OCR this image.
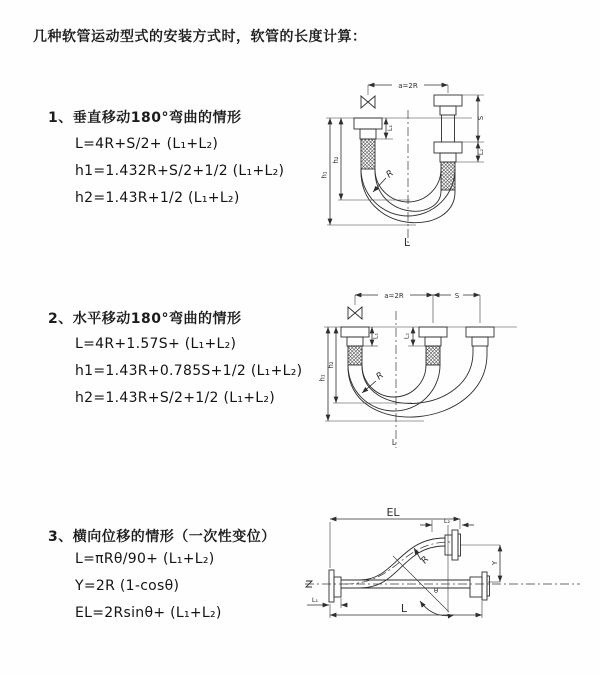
几种软管运动型式的安装方式时，软管的长度计算：
1、垂直移动180°弯曲的情形
L=4R+S/2+ (L₁+L₂)
h1=1.432R+S/2+1/2 (L₁+L₂)
h2=1.43R+1/2 (L₁+L₂)
2、水平移动180°弯曲的情形
L=4R+1.57S+ (L₁+L₂)
h1=1.43R+0.785S+1/2 (L₁+L₂)
h2=1.43R+S/2+1/2 (L₁+L₂)
3、横向位移的情形（一次性变位）
L=πRθ/90+ (L₁+L₂)
Y=2R (1-cosθ)
EL=2Rsinθ+ (L₁+L₂)
a=2R
h₁
h₂
L₁
S
L₂
R
L
a=2R	S
h₁
h₂
L₁	L₂
R
L
EL
L₂
Y
L
L₁
θ
R
